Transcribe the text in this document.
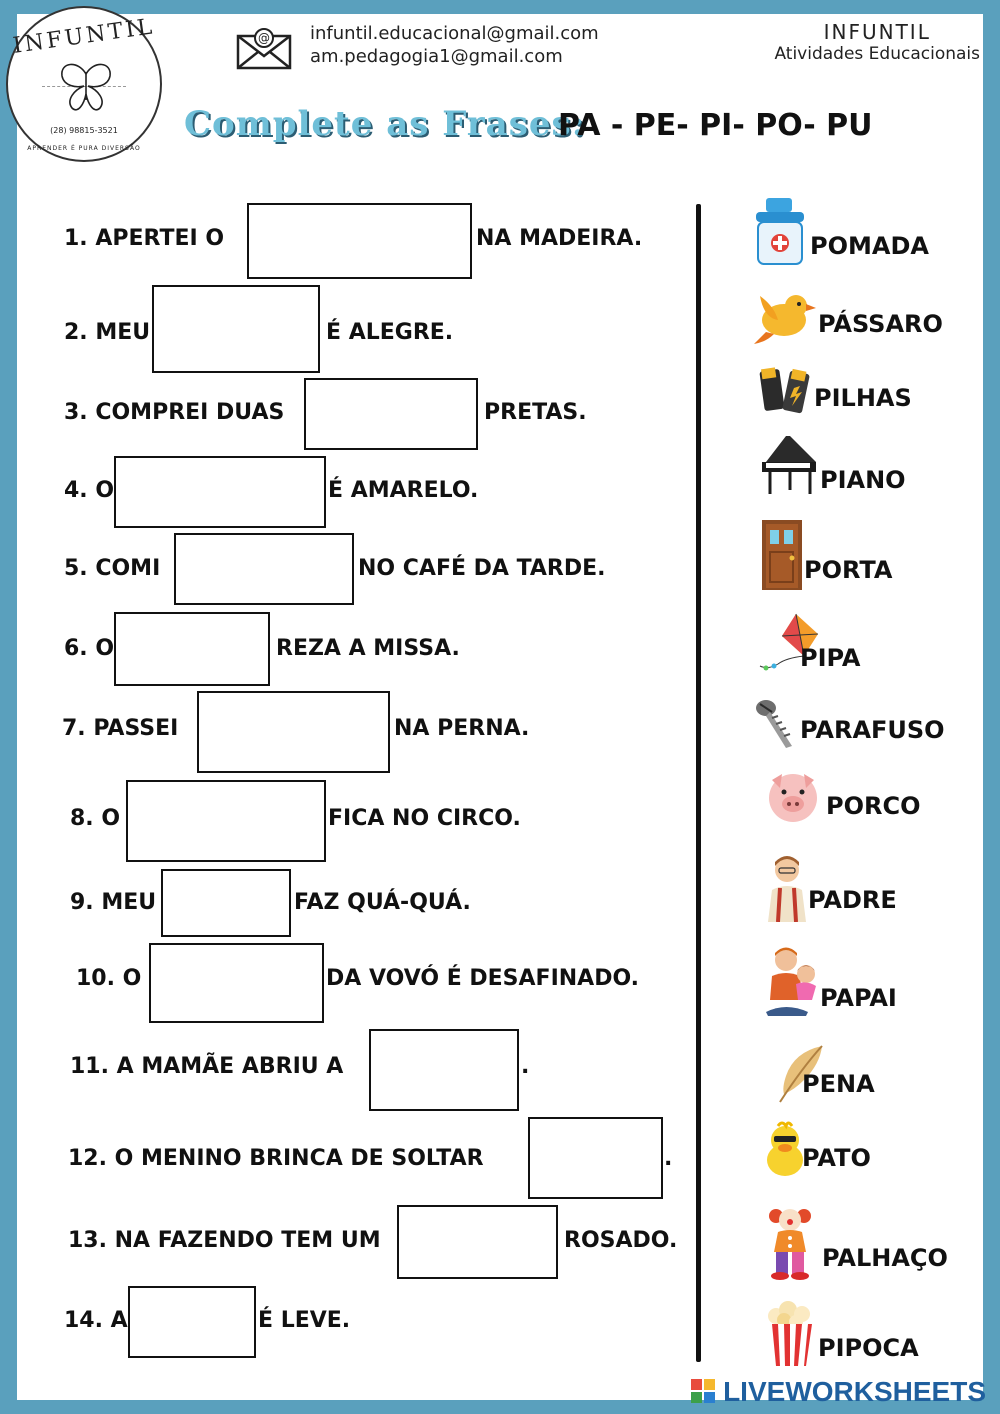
INFUNTIL
(28) 98815-3521
APRENDER É PURA DIVERSÃO
@ infuntil.educacional@gmail.com
am.pedagogia1@gmail.com
INFUNTIL
Atividades Educacionais
Complete as Frases:
PA - PE- PI- PO- PU
1. APERTEI O	NA MADEIRA.
2. MEU	É ALEGRE.
3. COMPREI DUAS	PRETAS.
4. O	É AMARELO.
5. COMI	NO CAFÉ DA TARDE.
6. O	REZA A MISSA.
7. PASSEI	NA PERNA.
8. O	FICA NO CIRCO.
9. MEU	FAZ QUÁ-QUÁ.
10. O	DA VOVÓ É DESAFINADO.
11. A MAMÃE ABRIU A	.
12. O MENINO BRINCA DE SOLTAR	.
13. NA FAZENDO TEM UM	ROSADO.
14. A	É LEVE.
POMADA
PÁSSARO
PILHAS
PIANO
PORTA
PIPA
PARAFUSO
PORCO
PADRE
PAPAI
PENA
PATO
PALHAÇO
PIPOCA
LIVEWORKSHEETS
